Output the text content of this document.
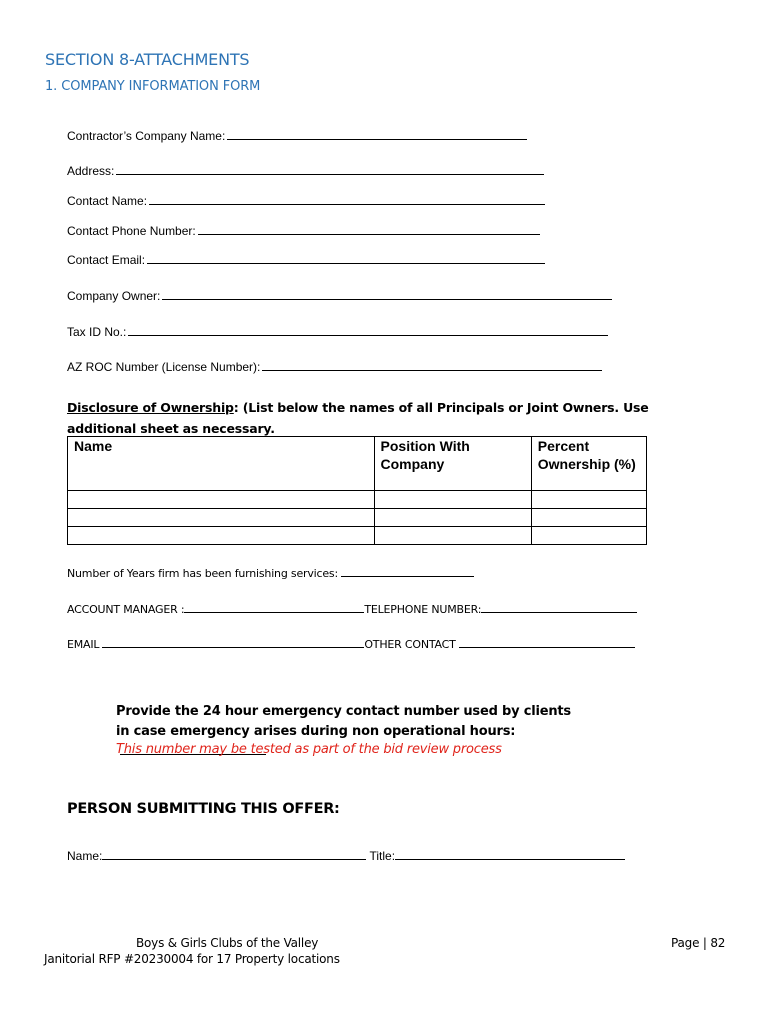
SECTION 8-ATTACHMENTS
1. COMPANY INFORMATION FORM
Contractor’s Company Name:
Address:
Contact Name:
Contact Phone Number:
Contact Email:
Company Owner:
Tax ID No.:
AZ ROC Number (License Number):
Disclosure of Ownership: (List below the names of all Principals or Joint Owners. Use additional sheet as necessary.
Name	Position With Company	Percent Ownership (%)

Number of Years firm has been furnishing services:
ACCOUNT MANAGER :	TELEPHONE NUMBER:
EMAIL	OTHER CONTACT
Provide the 24 hour emergency contact number used by clients in case emergency arises during non operational hours:
This number may be tested as part of the bid review process
PERSON SUBMITTING THIS OFFER:
Name:	Title:
Boys & Girls Clubs of the Valley
Janitorial RFP #20230004 for 17 Property locations
Page | 82
